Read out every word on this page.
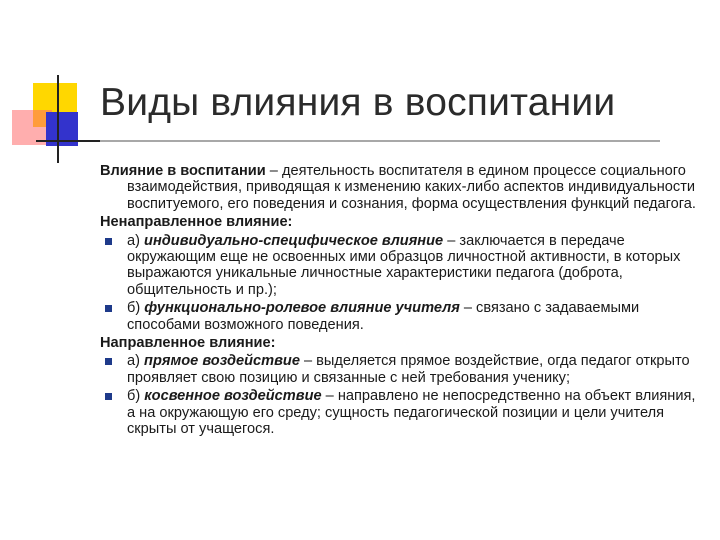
Виды влияния в воспитании

Влияние в воспитании – деятельность воспитателя в едином процессе социального взаимодействия, приводящая к изменению каких-либо аспектов индивидуальности воспитуемого, его поведения и сознания, форма осуществления функций педагога.

Ненаправленное влияние:

а) индивидуально-специфическое влияние – заключается в передаче окружающим еще не освоенных ими образцов личностной активности, в которых выражаются уникальные личностные характеристики педагога (доброта, общительность и пр.);
б) функционально-ролевое влияние учителя – связано с задаваемыми способами возможного поведения.

Направленное влияние:

а) прямое воздействие – выделяется прямое воздействие, огда педагог открыто проявляет свою позицию и связанные с ней требования ученику;
б) косвенное воздействие – направлено не непосредственно на объект влияния, а на окружающую его среду; сущность педагогической позиции и цели учителя скрыты от учащегося.
